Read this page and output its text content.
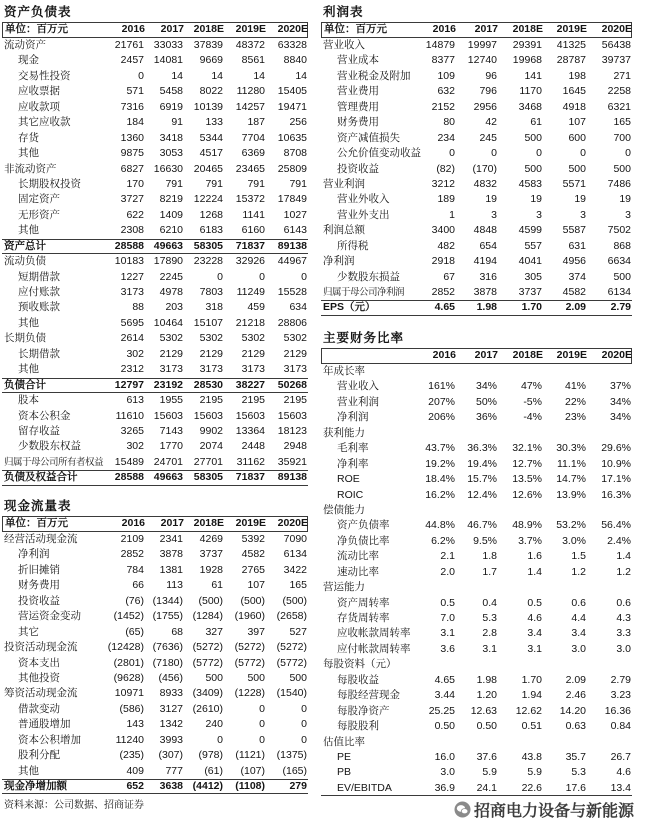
资产负债表
单位：百万元	2016	2017 2018E	2019E	2020E
流动资产	21761 33033	37839	48372	63328
现金	2457 14081	9669	8561	8840
交易性投资	0	14	14	14	14
应收票据	571	5458	8022	11280	15405
应收款项	7316	6919	10139	14257	19471
其它应收款	184	91	133	187	256
存货	1360	3418	5344	7704	10635
其他	9875	3053	4517	6369	8708
非流动资产	6827 16630	20465	23465	25809
长期股权投资	170	791	791	791	791
固定资产	3727	8219	12224	15372	17849
无形资产	622	1409	1268	1141	1027
其他	2308	6210	6183	6160	6143
资产总计	28588 49663	58305	71837	89138
流动负债	10183 17890	23228	32926	44967
短期借款	1227	2245	0	0	0
应付账款	3173	4978	7803	11249	15528
预收账款	88	203	318	459	634
其他	5695 10464	15107	21218	28806
长期负债	2614	5302	5302	5302	5302
长期借款	302	2129	2129	2129	2129
其他	2312	3173	3173	3173	3173
负债合计	12797 23192	28530	38227	50268
股本	613	1955	2195	2195	2195
资本公积金	11610 15603	15603	15603	15603
留存收益	3265	7143	9902	13364	18123
少数股东权益	302	1770	2074	2448	2948
归属于母公司所有者权益	15489 24701	27701	31162	35921
负债及权益合计	28588 49663	58305	71837	89138
现金流量表
单位：百万元	2016	2017 2018E	2019E	2020E
经营活动现金流	2109	2341	4269	5392	7090
净利润	2852	3878	3737	4582	6134
折旧摊销	784	1381	1928	2765	3422
财务费用	66	113	61	107	165
投资收益	(76) (1344)	(500)	(500)	(500)
营运资金变动	(1452) (1755) (1284)	(1960)	(2658)
其它	(65)	68	327	397	527
投资活动现金流	(12428) (7636) (5272)	(5272)	(5272)
资本支出	(2801) (7180) (5772)	(5772)	(5772)
其他投资	(9628)	(456)	500	500	500
筹资活动现金流	10971	8933 (3409)	(1228)	(1540)
借款变动	(586)	3127 (2610)	0	0
普通股增加	143	1342	240	0	0
资本公积增加	11240	3993	0	0	0
股利分配	(235)	(307)	(978)	(1121)	(1375)
其他	409	777	(61)	(107)	(165)
现金净增加额	652	3638 (4412)	(1108)	279
利润表
单位：百万元	2016	2017	2018E	2019E	2020E
营业收入	14879	19997	29391	41325	56438
营业成本	8377	12740	19968	28787	39737
营业税金及附加	109	96	141	198	271
营业费用	632	796	1170	1645	2258
管理费用	2152	2956	3468	4918	6321
财务费用	80	42	61	107	165
资产减值损失	234	245	500	600	700
公允价值变动收益	0	0	0	0	0
投资收益	(82)	(170)	500	500	500
营业利润	3212	4832	4583	5571	7486
营业外收入	189	19	19	19	19
营业外支出	1	3	3	3	3
利润总额	3400	4848	4599	5587	7502
所得税	482	654	557	631	868
净利润	2918	4194	4041	4956	6634
少数股东损益	67	316	305	374	500
归属于母公司净利润	2852	3878	3737	4582	6134
EPS（元）	4.65	1.98	1.70	2.09	2.79
主要财务比率
2016	2017	2018E	2019E	2020E
年成长率
营业收入	161%	34%	47%	41%	37%
营业利润	207%	50%	-5%	22%	34%
净利润	206%	36%	-4%	23%	34%
获利能力
毛利率	43.7%	36.3%	32.1%	30.3%	29.6%
净利率	19.2%	19.4%	12.7%	11.1%	10.9%
ROE	18.4%	15.7%	13.5%	14.7%	17.1%
ROIC	16.2%	12.4%	12.6%	13.9%	16.3%
偿债能力
资产负债率	44.8%	46.7%	48.9%	53.2%	56.4%
净负债比率	6.2%	9.5%	3.7%	3.0%	2.4%
流动比率	2.1	1.8	1.6	1.5	1.4
速动比率	2.0	1.7	1.4	1.2	1.2
营运能力
资产周转率	0.5	0.4	0.5	0.6	0.6
存货周转率	7.0	5.3	4.6	4.4	4.3
应收帐款周转率	3.1	2.8	3.4	3.4	3.3
应付帐款周转率	3.6	3.1	3.1	3.0	3.0
每股资料（元）
每股收益	4.65	1.98	1.70	2.09	2.79
每股经营现金	3.44	1.20	1.94	2.46	3.23
每股净资产	25.25	12.63	12.62	14.20	16.36
每股股利	0.50	0.50	0.51	0.63	0.84
估值比率
PE	16.0	37.6	43.8	35.7	26.7
PB	3.0	5.9	5.9	5.3	4.6
EV/EBITDA	36.9	24.1	22.6	17.6	13.4
资料来源：公司数据、招商证券	招商电力设备与新能源
